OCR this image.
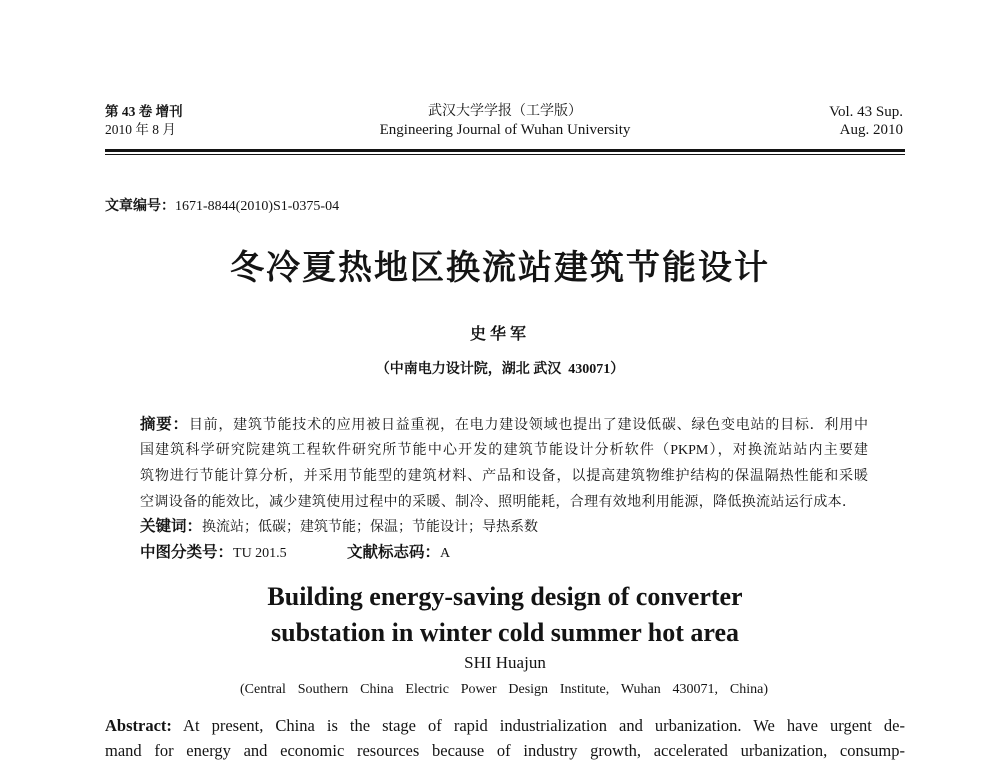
第 43 卷 增刊
2010 年 8 月
武汉大学学报（工学版）
Engineering Journal of Wuhan University
Vol. 43 Sup.
Aug. 2010
文章编号：1671-8844(2010)S1-0375-04
冬冷夏热地区换流站建筑节能设计
史华军
（中南电力设计院，湖北 武汉  430071）
摘要：目前，建筑节能技术的应用被日益重视，在电力建设领域也提出了建设低碳、绿色变电站的目标．利用中
国建筑科学研究院建筑工程软件研究所节能中心开发的建筑节能设计分析软件（PKPM），对换流站站内主要建
筑物进行节能计算分析，并采用节能型的建筑材料、产品和设备，以提高建筑物维护结构的保温隔热性能和采暖
空调设备的能效比，减少建筑使用过程中的采暖、制冷、照明能耗，合理有效地利用能源，降低换流站运行成本．
关键词：换流站；低碳；建筑节能；保温；节能设计；导热系数
中图分类号：TU 201.5	文献标志码：A
Building energy-saving design of converter
substation in winter cold summer hot area
SHI Huajun
(Central Southern China Electric Power Design Institute, Wuhan 430071, China)
Abstract: At present, China is the stage of rapid industrialization and urbanization. We have urgent de-
mand for energy and economic resources because of industry growth, accelerated urbanization, consump-
